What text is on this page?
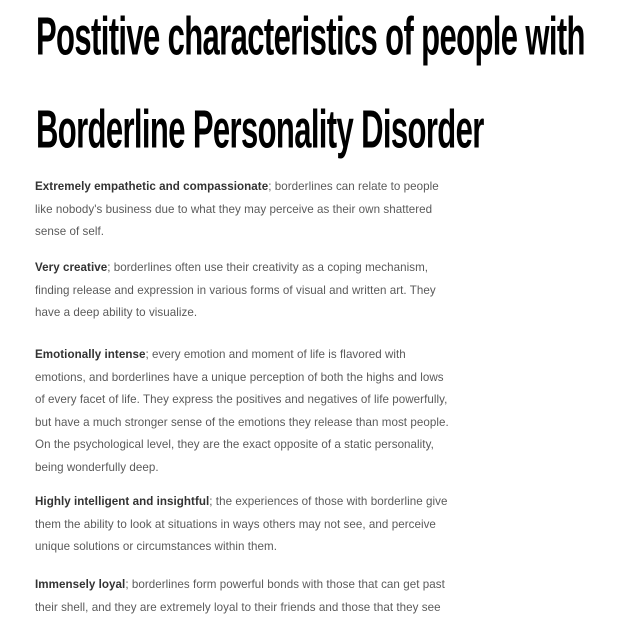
Postitive characteristics of people with
Borderline Personality Disorder
Extremely empathetic and compassionate; borderlines can relate to people
like nobody's business due to what they may perceive as their own shattered
sense of self.
Very creative; borderlines often use their creativity as a coping mechanism,
finding release and expression in various forms of visual and written art. They
have a deep ability to visualize.
Emotionally intense; every emotion and moment of life is flavored with
emotions, and borderlines have a unique perception of both the highs and lows
of every facet of life. They express the positives and negatives of life powerfully,
but have a much stronger sense of the emotions they release than most people.
On the psychological level, they are the exact opposite of a static personality,
being wonderfully deep.
Highly intelligent and insightful; the experiences of those with borderline give
them the ability to look at situations in ways others may not see, and perceive
unique solutions or circumstances within them.
Immensely loyal; borderlines form powerful bonds with those that can get past
their shell, and they are extremely loyal to their friends and those that they see
